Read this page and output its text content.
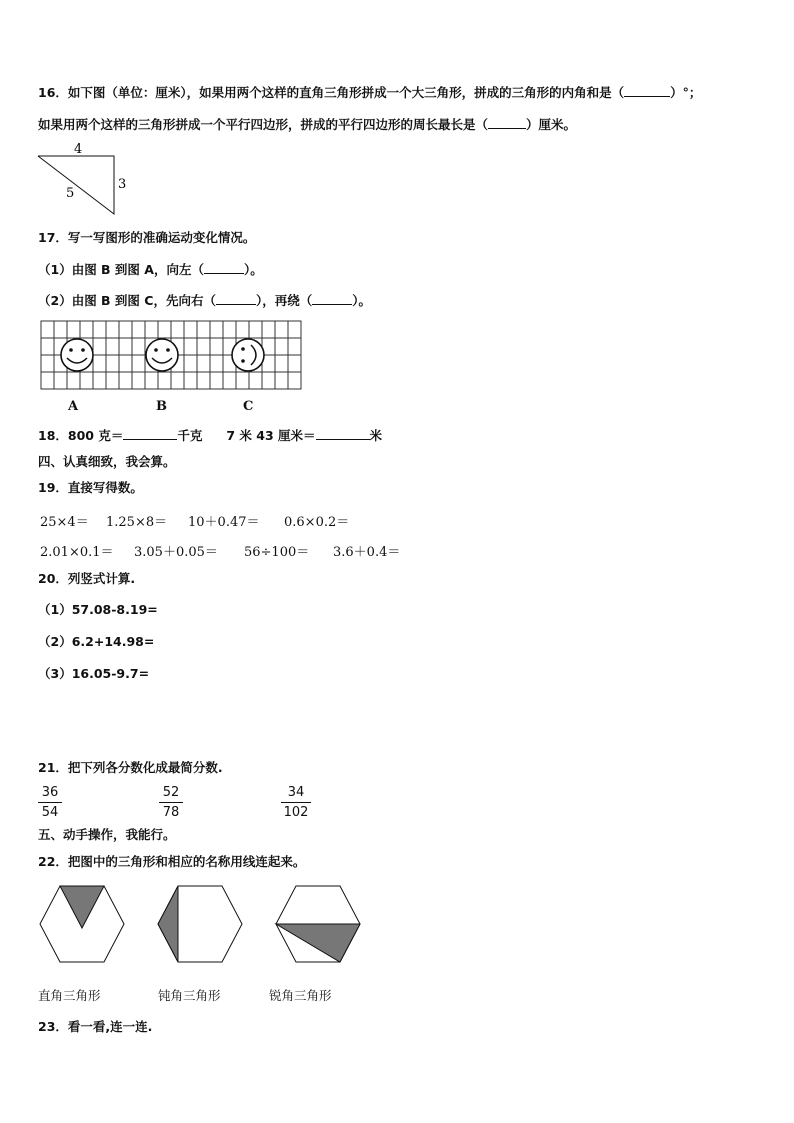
16．如下图（单位：厘米），如果用两个这样的直角三角形拼成一个大三角形，拼成的三角形的内角和是（	）°；
如果用两个这样的三角形拼成一个平行四边形，拼成的平行四边形的周长最长是（	）厘米。
4
3
5
17．写一写图形的准确运动变化情况。
（1）由图 B 到图 A，向左（	）。
（2）由图 B 到图 C，先向右（	），再绕（	）。
A	B	C
18．800 克＝	千克 7 米 43 厘米＝	米
四、认真细致，我会算。
19．直接写得数。
25×4＝ 1.25×8＝ 10＋0.47＝ 0.6×0.2＝
2.01×0.1＝ 3.05＋0.05＝ 56÷100＝ 3.6＋0.4＝
20．列竖式计算.
（1）57.08-8.19=
（2）6.2+14.98=
（3）16.05-9.7=
21．把下列各分数化成最简分数.
36
54
52
78
34
102
五、动手操作，我能行。
22．把图中的三角形和相应的名称用线连起来。
直角三角形	钝角三角形	锐角三角形
23．看一看,连一连.
